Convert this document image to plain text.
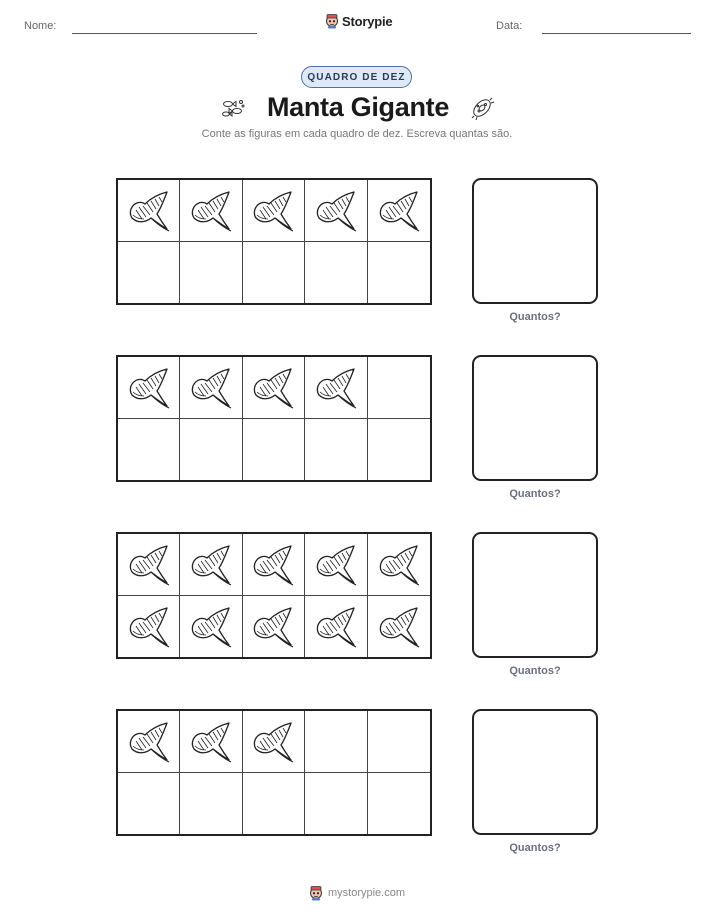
Nome:	Storypie	Data:
QUADRO DE DEZ
Manta Gigante
Conte as figuras em cada quadro de dez. Escreva quantas são.
Quantos?
Quantos?
Quantos?
Quantos?
mystorypie.com
